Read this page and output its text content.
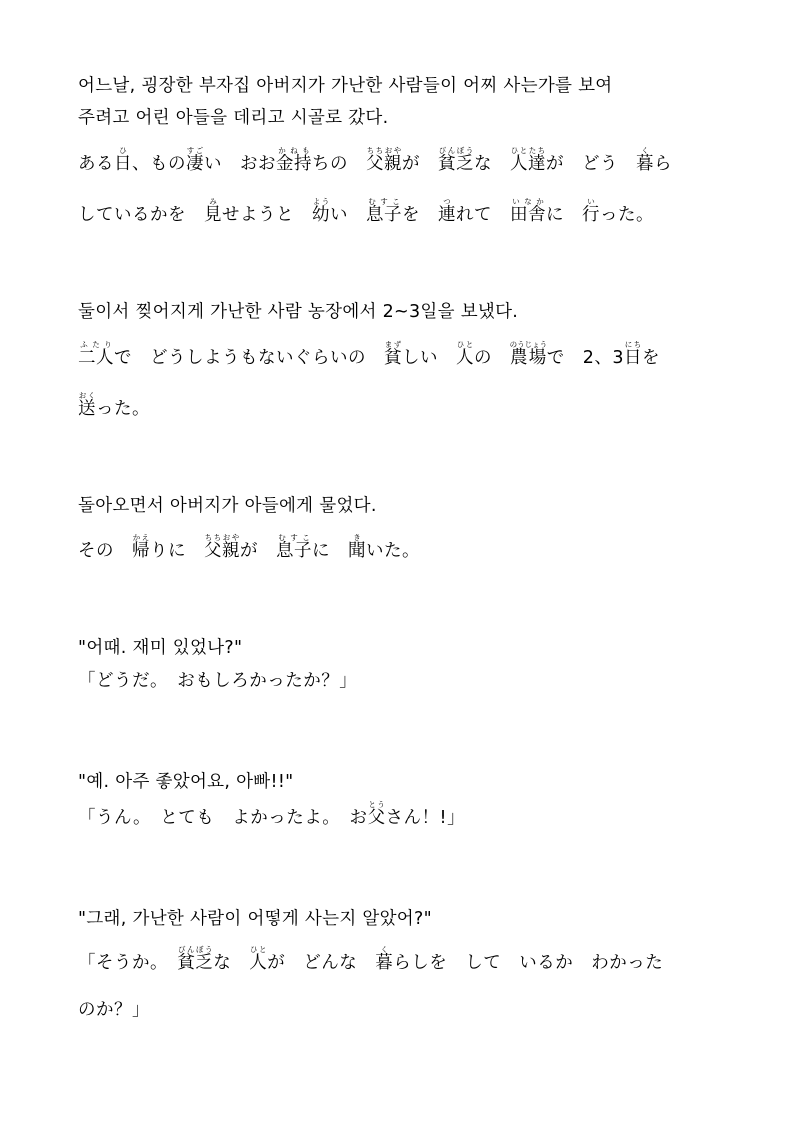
어느날, 굉장한 부자집 아버지가 가난한 사람들이 어찌 사는가를 보여
주려고 어린 아들을 데리고 시골로 갔다.
ある日ひ、もの凄すごい　おお金持かねもちの　父親ちちおやが　貧乏びんぼうな　人達ひとたちが　どう　暮くら
しているかを　見みせようと　幼ようい　息子むすこを　連つれて　田舎いなかに　行いった。
둘이서 찢어지게 가난한 사람 농장에서 2~3일을 보냈다.
二人ふたりで　どうしようもないぐらいの　貧まずしい　人ひとの　農場のうじょうで　2、3日にちを
送おくった。
돌아오면서 아버지가 아들에게 물었다.
その　帰かえりに　父親ちちおやが　息子むすこに　聞きいた。
"어때. 재미 있었나?"
「どうだ。　おもしろかったか？」
"예. 아주 좋았어요, 아빠!!"
「うん。　とても　よかったよ。　お父とうさん！!」
"그래, 가난한 사람이 어떻게 사는지 알았어?"
「そうか。　貧乏びんぼうな　人ひとが　どんな　暮くらしを　して　いるか　わかった
のか？」
